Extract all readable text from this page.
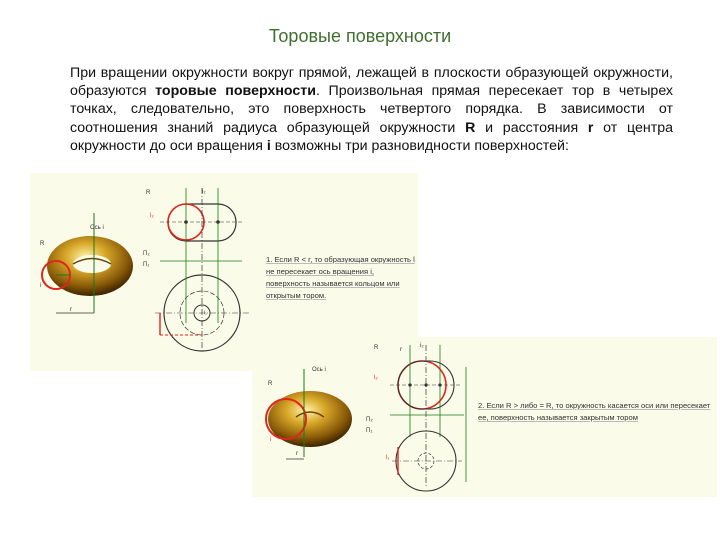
Торовые поверхности
При вращении окружности вокруг прямой, лежащей в плоскости образующей окружности, образуются торовые поверхности. Произвольная прямая пересекает тор в четырех точках, следовательно, это поверхность четвертого порядка. В зависимости от соотношения знаний радиуса образующей окружности R и расстояния r от центра окружности до оси вращения i возможны три разновидности поверхностей:
Ось i
R
i
r
R	i₂
l₂
П₂
П₁
i₁
1. Если R < r, то образующая окружность l не пересекает ось вращения i, поверхность называется кольцом или открытым тором.
Ось i
R
i
r
R	r
i₂
l₂
П₂
П₁
l₁
2. Если R > либо = R, то окружность касается оси или пересекает ее, поверхность называется закрытым тором
